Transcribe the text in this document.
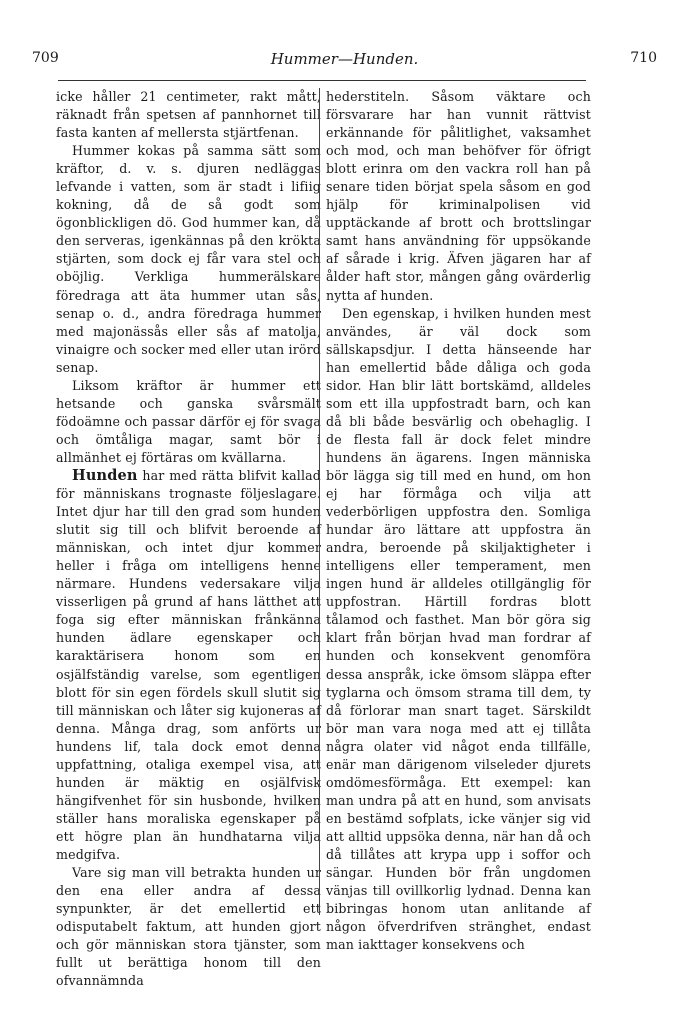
709	Hummer—Hunden.	710

icke håller 21 centimeter, rakt mått, räknadt från spetsen af pannhornet till fasta kanten af mellersta stjärtfenan.

Hummer kokas på samma sätt som kräftor, d. v. s. djuren nedläggas lefvande i vatten, som är stadt i lifiig kokning, då de så godt som ögonblickligen dö. God hummer kan, då den serveras, igenkännas på den krökta stjärten, som dock ej får vara stel och oböjlig. Verkliga hummerälskare föredraga att äta hummer utan sås, senap o. d., andra föredraga hummer med majonässås eller sås af matolja, vinaigre och socker med eller utan irörd senap.

Liksom kräftor är hummer ett hetsande och ganska svårsmält födoämne och passar därför ej för svaga och ömtåliga magar, samt bör i allmänhet ej förtäras om kvällarna.

Hunden har med rätta blifvit kallad för människans trognaste följeslagare. Intet djur har till den grad som hunden slutit sig till och blifvit beroende af människan, och intet djur kommer heller i fråga om intelligens henne närmare. Hundens vedersakare vilja visserligen på grund af hans lätthet att foga sig efter människan frånkänna hunden ädlare egenskaper och karaktärisera honom som en osjälfständig varelse, som egentligen blott för sin egen fördels skull slutit sig till människan och låter sig kujoneras af denna. Många drag, som anförts ur hundens lif, tala dock emot denna uppfattning, otaliga exempel visa, att hunden är mäktig en osjälfvisk hängifvenhet för sin husbonde, hvilken ställer hans moraliska egenskaper på ett högre plan än hundhatarna vilja medgifva.

Vare sig man vill betrakta hunden ur den ena eller andra af dessa synpunkter, är det emellertid ett odisputabelt faktum, att hunden gjort och gör människan stora tjänster, som fullt ut berättiga honom till den ofvannämnda

hederstiteln. Såsom väktare och försvarare har han vunnit rättvist erkännande för pålitlighet, vaksamhet och mod, och man behöfver för öfrigt blott erinra om den vackra roll han på senare tiden börjat spela såsom en god hjälp för kriminalpolisen vid upptäckande af brott och brottslingar samt hans användning för uppsökande af sårade i krig. Äfven jägaren har af ålder haft stor, mången gång ovärderlig nytta af hunden.

Den egenskap, i hvilken hunden mest användes, är väl dock som sällskapsdjur. I detta hänseende har han emellertid både dåliga och goda sidor. Han blir lätt bortskämd, alldeles som ett illa uppfostradt barn, och kan då bli både besvärlig och obehaglig. I de flesta fall är dock felet mindre hundens än ägarens. Ingen människa bör lägga sig till med en hund, om hon ej har förmåga och vilja att vederbörligen uppfostra den. Somliga hundar äro lättare att uppfostra än andra, beroende på skiljaktigheter i intelligens eller temperament, men ingen hund är alldeles otillgänglig för uppfostran. Härtill fordras blott tålamod och fasthet. Man bör göra sig klart från början hvad man fordrar af hunden och konsekvent genomföra dessa anspråk, icke ömsom släppa efter tyglarna och ömsom strama till dem, ty då förlorar man snart taget. Särskildt bör man vara noga med att ej tillåta några olater vid något enda tillfälle, enär man därigenom vilseleder djurets omdömesförmåga. Ett exempel: kan man undra på att en hund, som anvisats en bestämd sofplats, icke vänjer sig vid att alltid uppsöka denna, när han då och då tillåtes att krypa upp i soffor och sängar. Hunden bör från ungdomen vänjas till ovillkorlig lydnad. Denna kan bibringas honom utan anlitande af någon öfverdrifven stränghet, endast man iakttager konsekvens och
